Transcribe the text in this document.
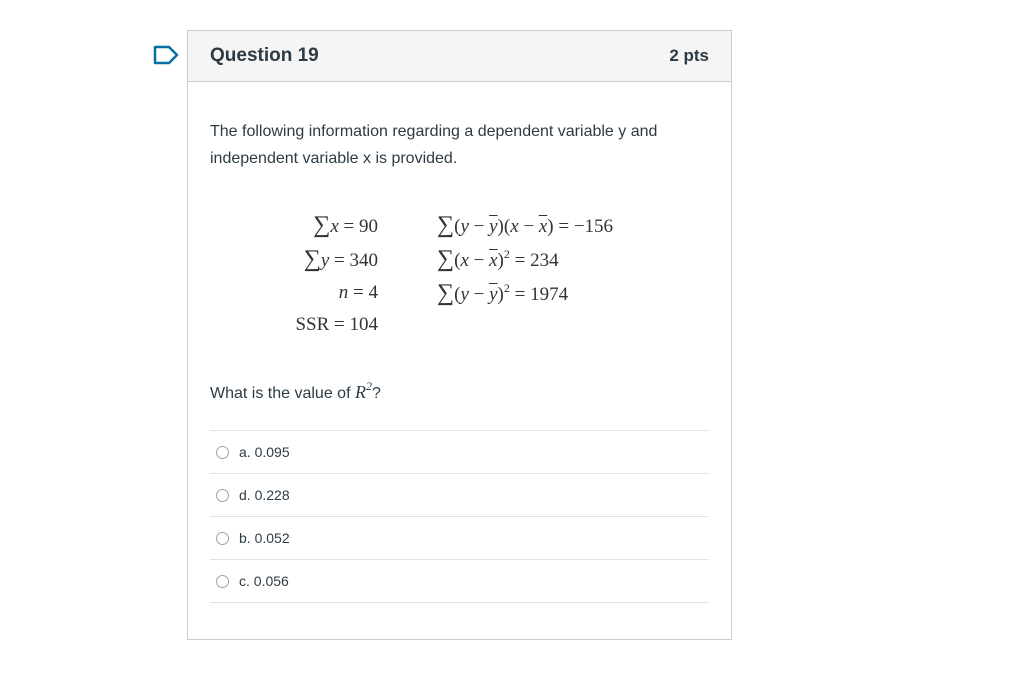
Question 19	2 pts

The following information regarding a dependent variable y and independent variable x is provided.

∑x = 90
∑y = 340
n = 4
SSR = 104
$\sum(y - \overline{y})(x - \overline{x}) = -156$
$\sum(x - \overline{x})^2 = 234$
$\sum(y - \overline{y})^2 = 1974$
What is the value of $R^2$?
a. 0.095
d. 0.228
b. 0.052
c. 0.056
